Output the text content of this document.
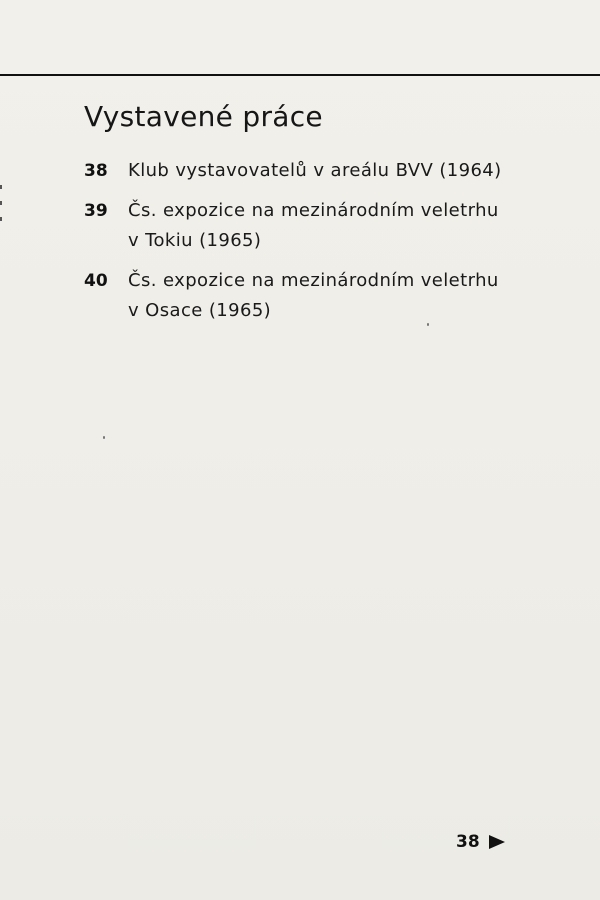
Vystavené práce
38	Klub vystavovatelů v areálu BVV (1964)
39	Čs. expozice na mezinárodním veletrhu
v Tokiu (1965)
40	Čs. expozice na mezinárodním veletrhu
v Osace (1965)
38
